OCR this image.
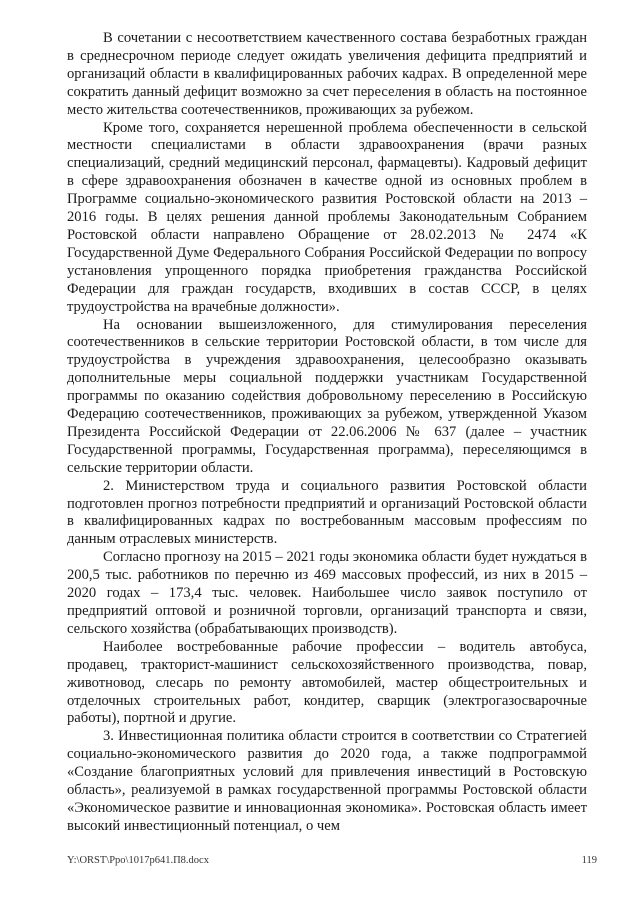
В сочетании с несоответствием качественного состава безработных граждан в среднесрочном периоде следует ожидать увеличения дефицита предприятий и организаций области в квалифицированных рабочих кадрах. В определенной мере сократить данный дефицит возможно за счет переселения в область на постоянное место жительства соотечественников, проживающих за рубежом.

Кроме того, сохраняется нерешенной проблема обеспеченности в сельской местности специалистами в области здравоохранения (врачи разных специализаций, средний медицинский персонал, фармацевты). Кадровый дефицит в сфере здравоохранения обозначен в качестве одной из основных проблем в Программе социально-экономического развития Ростовской области на 2013 – 2016 годы. В целях решения данной проблемы Законодательным Собранием Ростовской области направлено Обращение от 28.02.2013 № 2474 «К Государственной Думе Федерального Собрания Российской Федерации по вопросу установления упрощенного порядка приобретения гражданства Российской Федерации для граждан государств, входивших в состав СССР, в целях трудоустройства на врачебные должности».

На основании вышеизложенного, для стимулирования переселения соотечественников в сельские территории Ростовской области, в том числе для трудоустройства в учреждения здравоохранения, целесообразно оказывать дополнительные меры социальной поддержки участникам Государственной программы по оказанию содействия добровольному переселению в Российскую Федерацию соотечественников, проживающих за рубежом, утвержденной Указом Президента Российской Федерации от 22.06.2006 № 637 (далее – участник Государственной программы, Государственная программа), переселяющимся в сельские территории области.

2. Министерством труда и социального развития Ростовской области подготовлен прогноз потребности предприятий и организаций Ростовской области в квалифицированных кадрах по востребованным массовым профессиям по данным отраслевых министерств.

Согласно прогнозу на 2015 – 2021 годы экономика области будет нуждаться в 200,5 тыс. работников по перечню из 469 массовых профессий, из них в 2015 – 2020 годах – 173,4 тыс. человек. Наибольшее число заявок поступило от предприятий оптовой и розничной торговли, организаций транспорта и связи, сельского хозяйства (обрабатывающих производств).

Наиболее востребованные рабочие профессии – водитель автобуса, продавец, тракторист-машинист сельскохозяйственного производства, повар, животновод, слесарь по ремонту автомобилей, мастер общестроительных и отделочных строительных работ, кондитер, сварщик (электрогазосварочные работы), портной и другие.

3. Инвестиционная политика области строится в соответствии со Стратегией социально-экономического развития до 2020 года, а также подпрограммой «Создание благоприятных условий для привлечения инвестиций в Ростовскую область», реализуемой в рамках государственной программы Ростовской области «Экономическое развитие и инновационная экономика». Ростовская область имеет высокий инвестиционный потенциал, о чем

Y:\ORST\Ppo\1017p641.П8.docx	119
